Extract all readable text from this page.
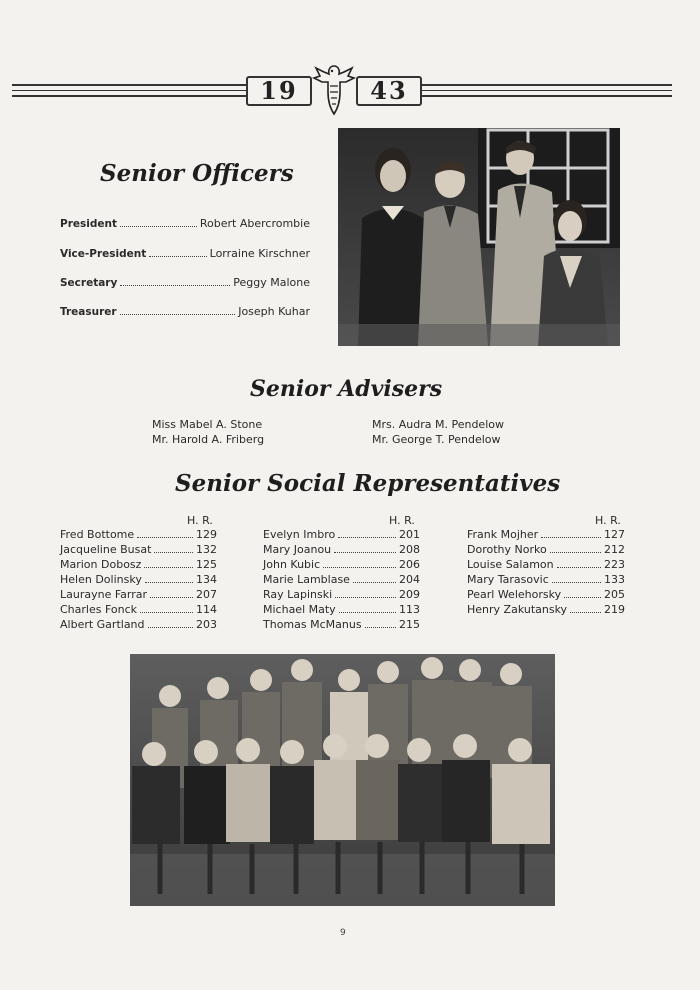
19	43
Senior Officers
President	Robert Abercrombie
Vice-President	Lorraine Kirschner
Secretary	Peggy Malone
Treasurer	Joseph Kuhar
Senior Advisers
Miss Mabel A. Stone
Mr. Harold A. Friberg
Mrs. Audra M. Pendelow
Mr. George T. Pendelow
Senior Social Representatives
H. R.	H. R.	H. R.
Fred Bottome	129
Jacqueline Busat	132
Marion Dobosz	125
Helen Dolinsky	134
Laurayne Farrar	207
Charles Fonck	114
Albert Gartland	203
Evelyn Imbro	201
Mary Joanou	208
John Kubic	206
Marie Lamblase	204
Ray Lapinski	209
Michael Maty	113
Thomas McManus	215
Frank Mojher	127
Dorothy Norko	212
Louise Salamon	223
Mary Tarasovic	133
Pearl Welehorsky	205
Henry Zakutansky	219
9
